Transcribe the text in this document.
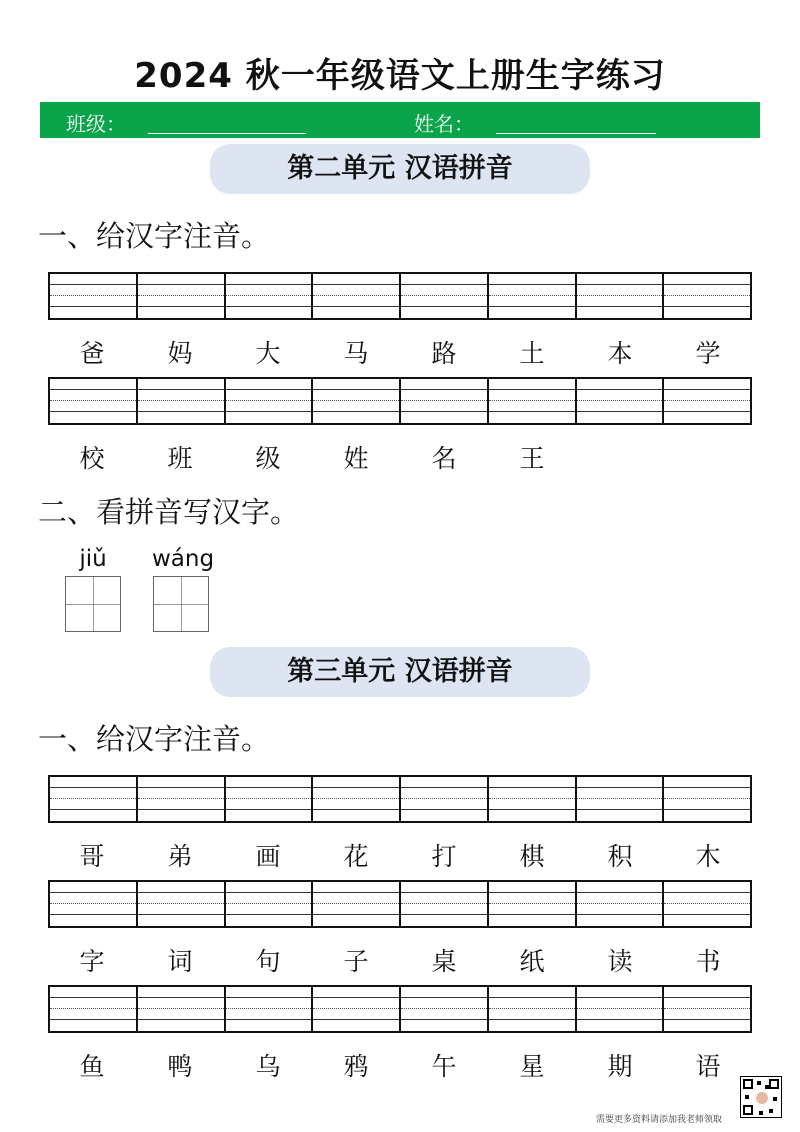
2024 秋一年级语文上册生字练习
班级：	姓名：
第二单元 汉语拼音
一、给汉字注音。
爸	妈	大	马	路	土	本	学
校	班	级	姓	名	王
二、看拼音写汉字。
jiǔ	wáng
第三单元 汉语拼音
一、给汉字注音。
哥	弟	画	花	打	棋	积	木
字	词	句	子	桌	纸	读	书
鱼	鸭	乌	鸦	午	星	期	语
需要更多资料请添加我老师领取
